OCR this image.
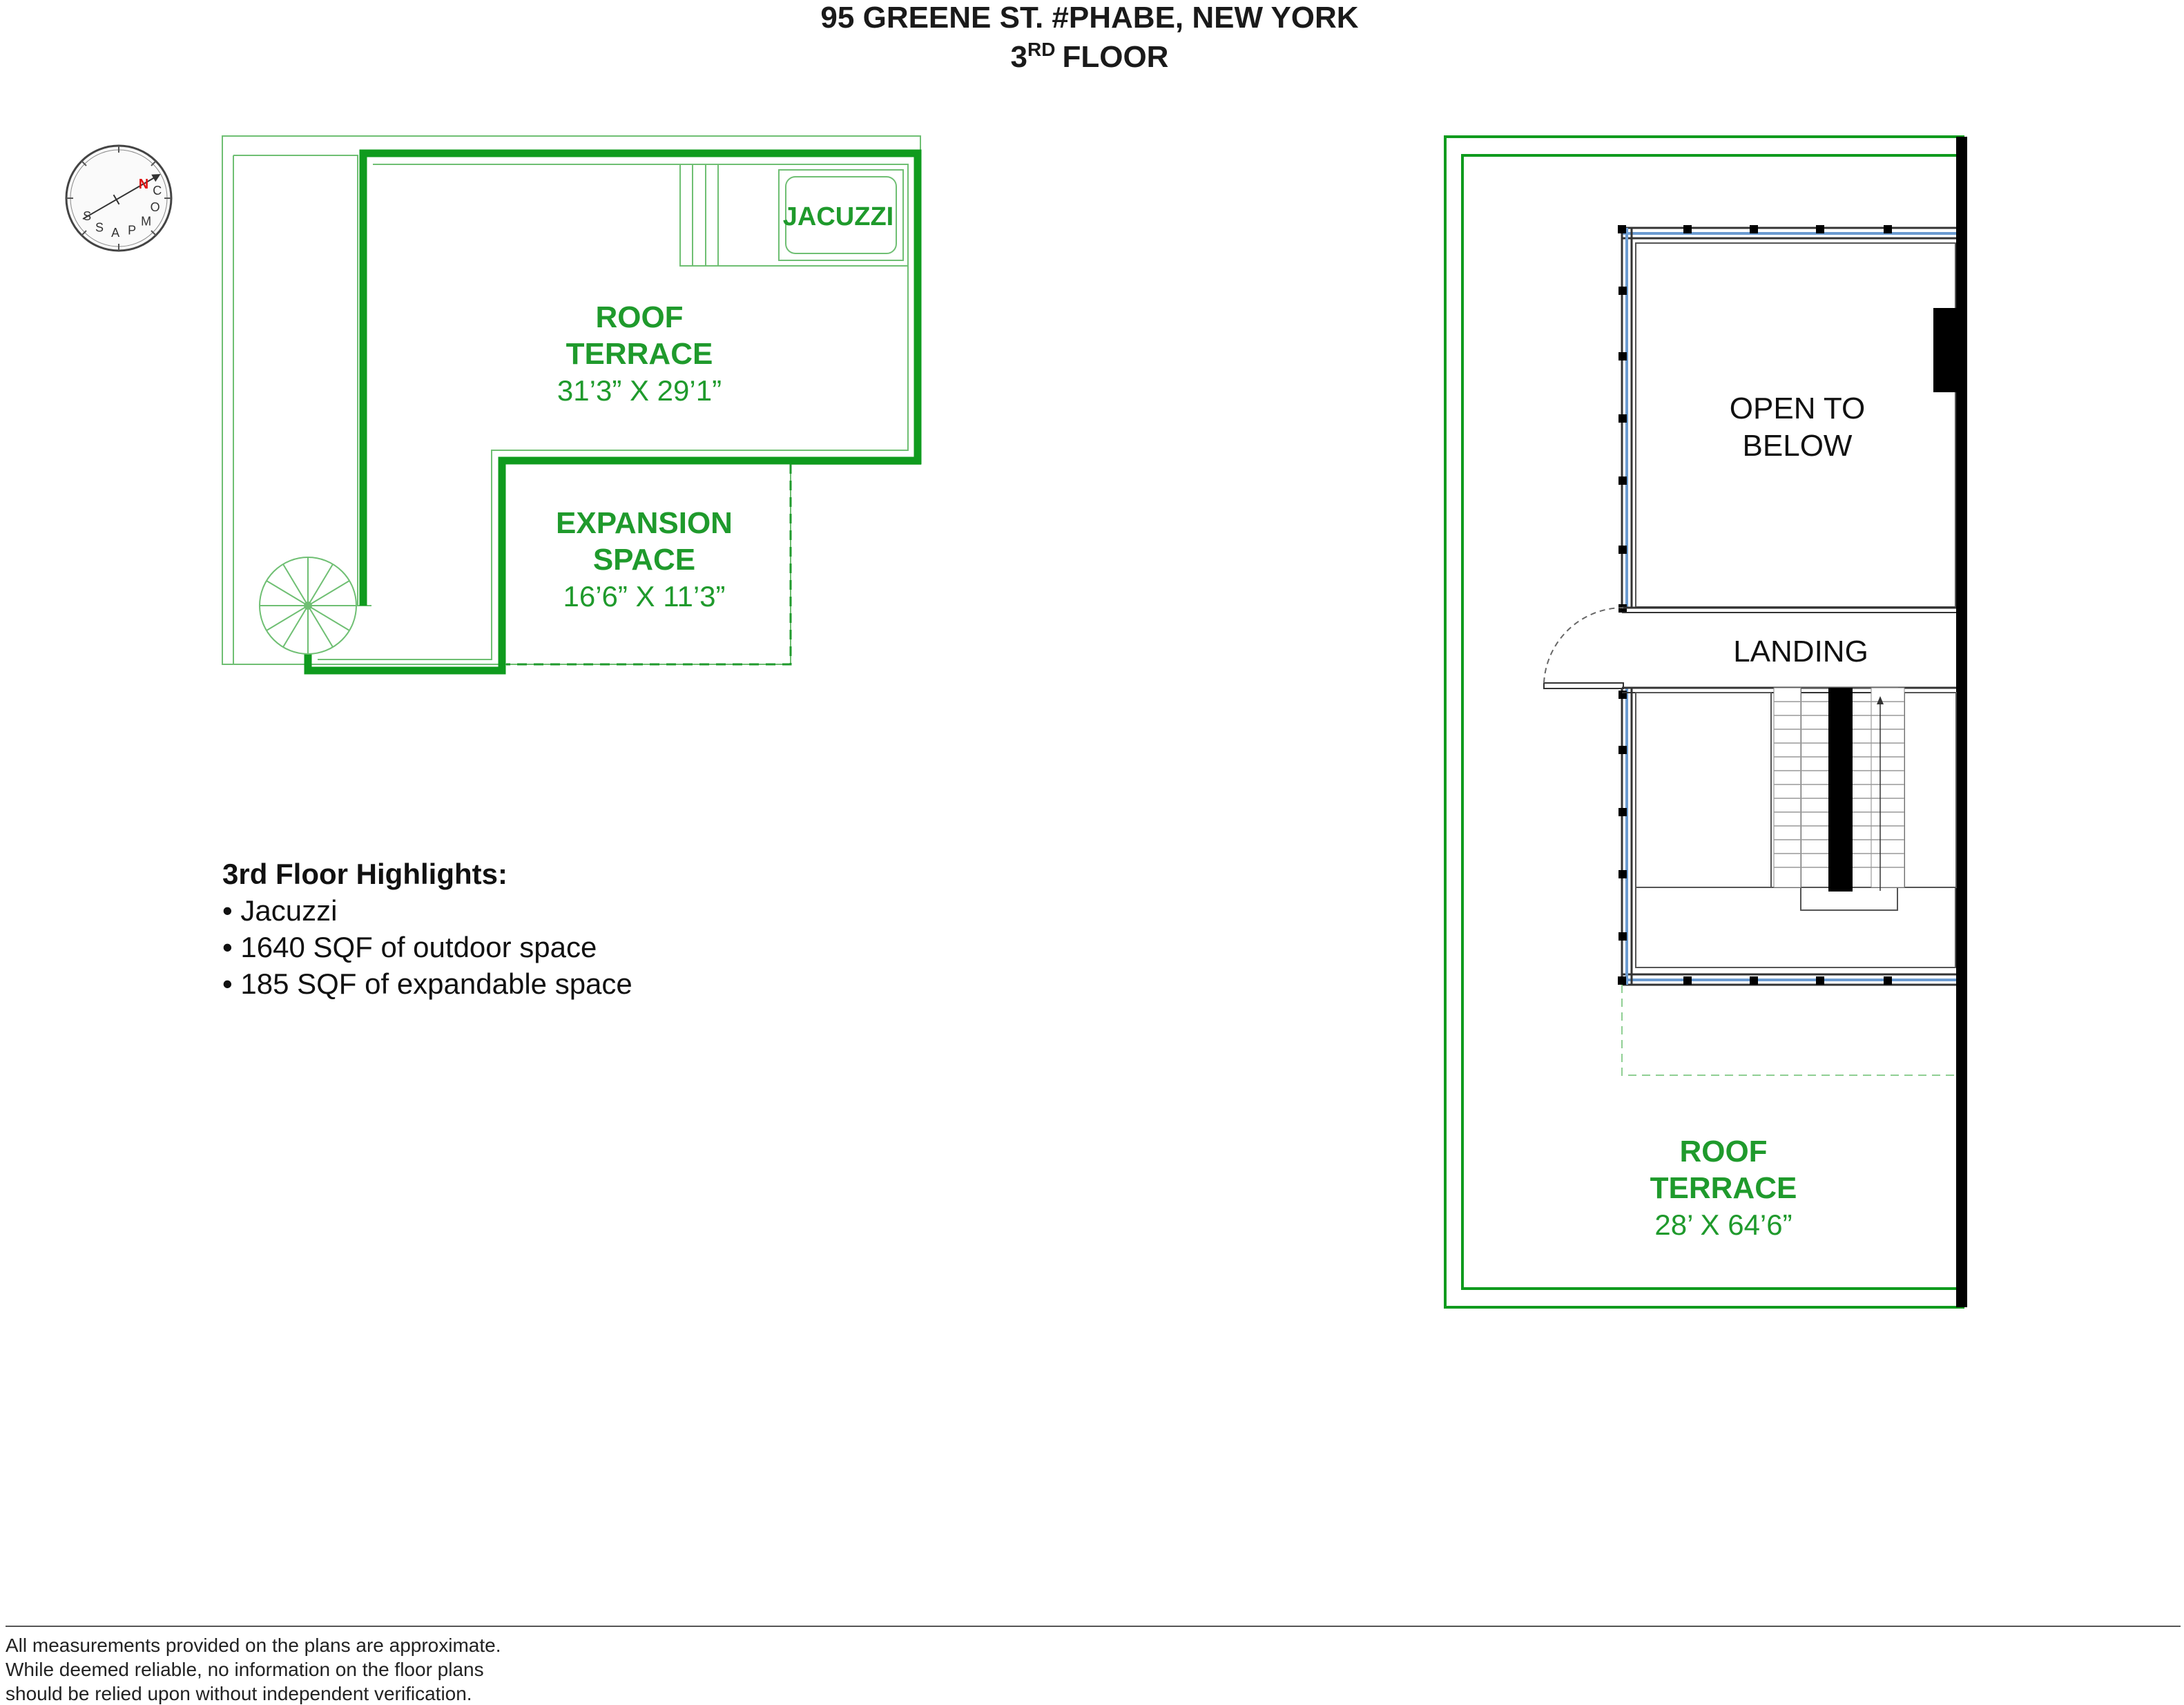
95 GREENE ST. #PHABE, NEW YORK
3RD FLOOR
N C
O
M
P
A
S
S	JACUZZI
ROOF
TERRACE
31’3” X 29’1”
EXPANSION
SPACE
16’6” X 11’3”
OPEN TO
BELOW
LANDING
ROOF
TERRACE
28’ X 64’6”
3rd Floor Highlights:
• Jacuzzi
• 1640 SQF of outdoor space
• 185 SQF of expandable space
All measurements provided on the plans are approximate.
While deemed reliable, no information on the floor plans
should be relied upon without independent verification.
